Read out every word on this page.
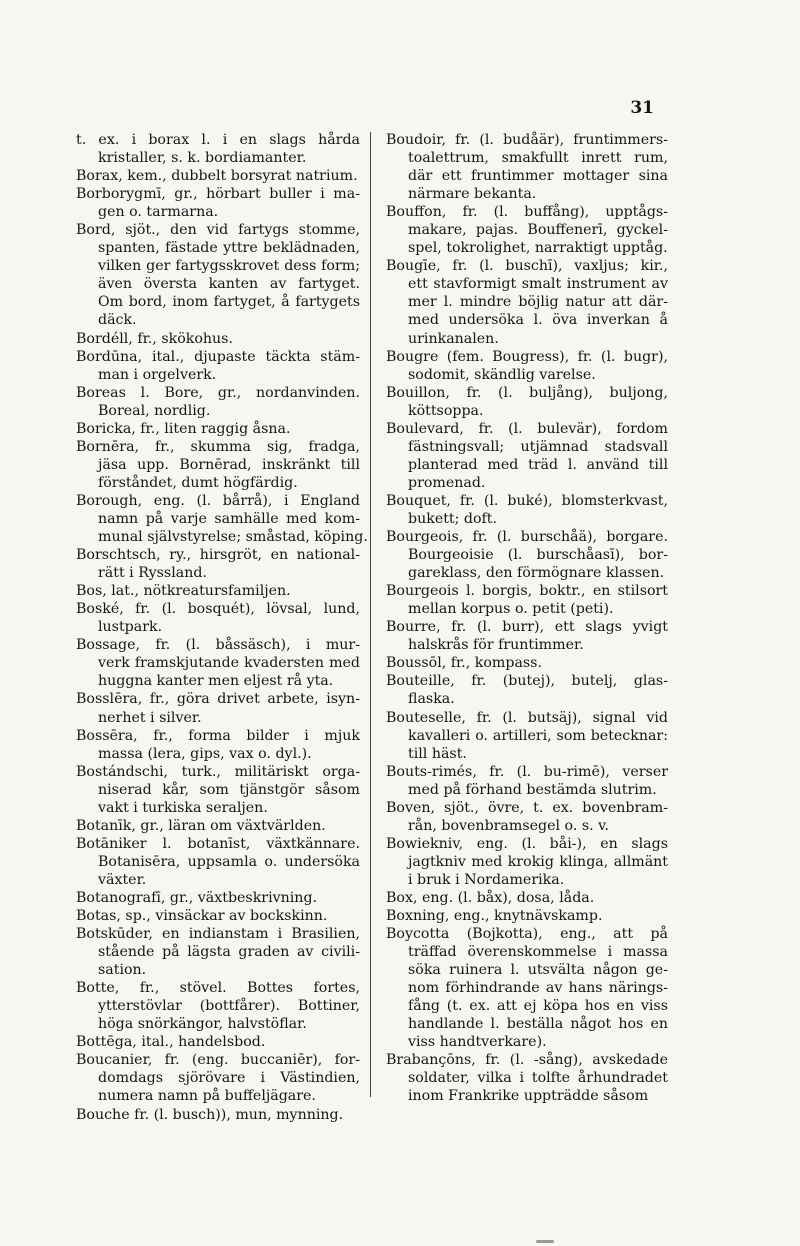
31
t. ex. i borax l. i en slags hårda
kristaller, s. k. bordiamanter.
Borax, kem., dubbelt borsyrat natrium.
Borborygmī, gr., hörbart buller i ma-
gen o. tarmarna.
Bord, sjöt., den vid fartygs stomme,
spanten, fästade yttre beklädnaden,
vilken ger fartygsskrovet dess form;
även översta kanten av fartyget.
Om bord, inom fartyget, å fartygets
däck.
Bordéll, fr., skökohus.
Bordūna, ital., djupaste täckta stäm-
man i orgelverk.
Boreas l. Bore, gr., nordanvinden.
Boreal, nordlig.
Boricka, fr., liten raggig åsna.
Bornēra, fr., skumma sig, fradga,
jäsa upp. Bornērad, inskränkt till
förståndet, dumt högfärdig.
Borough, eng. (l. bårrå), i England
namn på varje samhälle med kom-
munal självstyrelse; småstad, köping.
Borschtsch, ry., hirsgröt, en national-
rätt i Ryssland.
Bos, lat., nötkreatursfamiljen.
Boské, fr. (l. bosquét), lövsal, lund,
lustpark.
Bossage, fr. (l. båssäsch), i mur-
verk framskjutande kvadersten med
huggna kanter men eljest rå yta.
Bosslēra, fr., göra drivet arbete, isyn-
nerhet i silver.
Bossēra, fr., forma bilder i mjuk
massa (lera, gips, vax o. dyl.).
Bostándschi, turk., militäriskt orga-
niserad kår, som tjänstgör såsom
vakt i turkiska seraljen.
Botanīk, gr., läran om växtvärlden.
Botāniker l. botanīst, växtkännare.
Botanisēra, uppsamla o. undersöka
växter.
Botanografī, gr., växtbeskrivning.
Botas, sp., vinsäckar av bockskinn.
Botskūder, en indianstam i Brasilien,
stående på lägsta graden av civili-
sation.
Botte, fr., stövel. Bottes fortes,
ytterstövlar (bottfårer). Bottiner,
höga snörkängor, halvstöflar.
Bottēga, ital., handelsbod.
Boucanier, fr. (eng. buccaniēr), for-
domdags sjörövare i Västindien,
numera namn på buffeljägare.
Bouche fr. (l. busch)), mun, mynning.
Boudoir, fr. (l. budåär), fruntimmers-
toalettrum, smakfullt inrett rum,
där ett fruntimmer mottager sina
närmare bekanta.
Bouffon, fr. (l. buffång), upptågs-
makare, pajas. Bouffenerī, gyckel-
spel, tokrolighet, narraktigt upptåg.
Bougīe, fr. (l. buschī), vaxljus; kir.,
ett stavformigt smalt instrument av
mer l. mindre böjlig natur att där-
med undersöka l. öva inverkan å
urinkanalen.
Bougre (fem. Bougress), fr. (l. bugr),
sodomit, skändlig varelse.
Bouillon, fr. (l. buljång), buljong,
köttsoppa.
Boulevard, fr. (l. bulevär), fordom
fästningsvall; utjämnad stadsvall
planterad med träd l. använd till
promenad.
Bouquet, fr. (l. buké), blomsterkvast,
bukett; doft.
Bourgeois, fr. (l. burschåä), borgare.
Bourgeoisie (l. burschåasī), bor-
gareklass, den förmögnare klassen.
Bourgeois l. borgis, boktr., en stilsort
mellan korpus o. petit (peti).
Bourre, fr. (l. burr), ett slags yvigt
halskrås för fruntimmer.
Boussōl, fr., kompass.
Bouteille, fr. (butej), butelj, glas-
flaska.
Bouteselle, fr. (l. butsäj), signal vid
kavalleri o. artilleri, som betecknar:
till häst.
Bouts-rimés, fr. (l. bu-rimē), verser
med på förhand bestämda slutrim.
Boven, sjöt., övre, t. ex. bovenbram-
rån, bovenbramsegel o. s. v.
Bowiekniv, eng. (l. båi-), en slags
jagtkniv med krokig klinga, allmänt
i bruk i Nordamerika.
Box, eng. (l. båx), dosa, låda.
Boxning, eng., knytnävskamp.
Boycotta (Bojkotta), eng., att på
träffad överenskommelse i massa
söka ruinera l. utsvälta någon ge-
nom förhindrande av hans närings-
fång (t. ex. att ej köpa hos en viss
handlande l. beställa något hos en
viss handtverkare).
Brabançōns, fr. (l. -sång), avskedade
soldater, vilka i tolfte århundradet
inom Frankrike uppträdde såsom
